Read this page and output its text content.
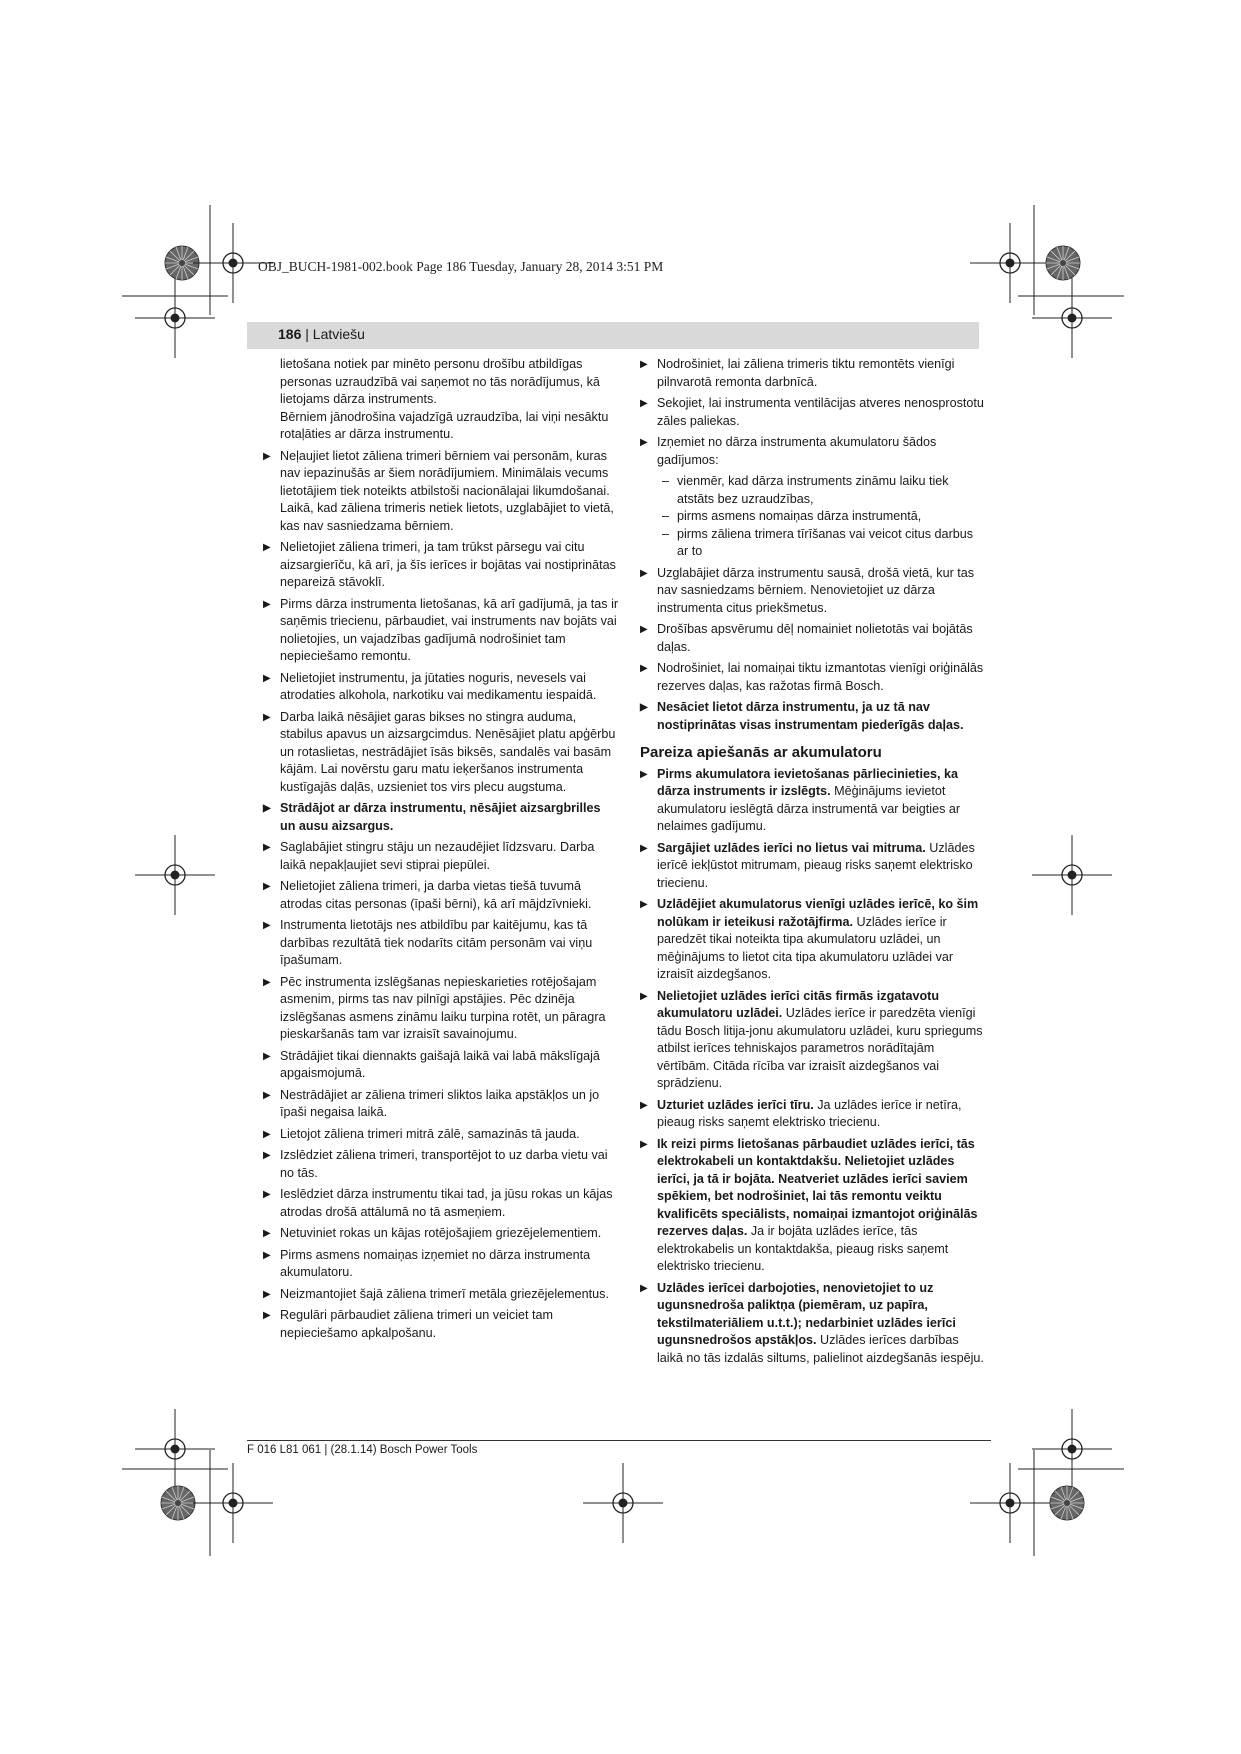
OBJ_BUCH-1981-002.book Page 186 Tuesday, January 28, 2014 3:51 PM
186 | Latviešu
lietošana notiek par minēto personu drošību atbildīgas
personas uzraudzībā vai saņemot no tās norādījumus, kā
lietojams dārza instruments.
Bērniem jānodrošina vajadzīgā uzraudzība, lai viņi nesāktu
rotaļāties ar dārza instrumentu.
▶ Neļaujiet lietot zāliena trimeri bērniem vai personām, kuras nav iepazinušās ar šiem norādījumiem. Minimālais vecums lietotājiem tiek noteikts atbilstoši nacionālajai likumdošanai. Laikā, kad zāliena trimeris netiek lietots, uzglabājiet to vietā, kas nav sasniedzama bērniem.
▶ Nelietojiet zāliena trimeri, ja tam trūkst pārsegu vai citu aizsargierīču, kā arī, ja šīs ierīces ir bojātas vai nostiprinātas nepareizā stāvoklī.
▶ Pirms dārza instrumenta lietošanas, kā arī gadījumā, ja tas ir saņēmis triecienu, pārbaudiet, vai instruments nav bojāts vai nolietojies, un vajadzības gadījumā nodrošiniet tam nepieciešamo remontu.
▶ Nelietojiet instrumentu, ja jūtaties noguris, nevesels vai atrodaties alkohola, narkotiku vai medikamentu iespaidā.
▶ Darba laikā nēsājiet garas bikses no stingra auduma, stabilus apavus un aizsargcimdus. Nenēsājiet platu apģērbu un rotaslietas, nestrādājiet īsās biksēs, sandalēs vai basām kājām. Lai novērstu garu matu ieķeršanos instrumenta kustīgajās daļās, uzsieniet tos virs plecu augstuma.
▶ Strādājot ar dārza instrumentu, nēsājiet aizsargbrilles un ausu aizsargus.
▶ Saglabājiet stingru stāju un nezaudējiet līdzsvaru. Darba laikā nepakļaujiet sevi stiprai piepūlei.
▶ Nelietojiet zāliena trimeri, ja darba vietas tiešā tuvumā atrodas citas personas (īpaši bērni), kā arī mājdzīvnieki.
▶ Instrumenta lietotājs nes atbildību par kaitējumu, kas tā darbības rezultātā tiek nodarīts citām personām vai viņu īpašumam.
▶ Pēc instrumenta izslēgšanas nepieskarieties rotējošajam asmenim, pirms tas nav pilnīgi apstājies. Pēc dzinēja izslēgšanas asmens zināmu laiku turpina rotēt, un pāragra pieskaršanās tam var izraisīt savainojumu.
▶ Strādājiet tikai diennakts gaišajā laikā vai labā mākslīgajā apgaismojumā.
▶ Nestrādājiet ar zāliena trimeri sliktos laika apstākļos un jo īpaši negaisa laikā.
▶ Lietojot zāliena trimeri mitrā zālē, samazinās tā jauda.
▶ Izslēdziet zāliena trimeri, transportējot to uz darba vietu vai no tās.
▶ Ieslēdziet dārza instrumentu tikai tad, ja jūsu rokas un kājas atrodas drošā attālumā no tā asmeņiem.
▶ Netuviniet rokas un kājas rotējošajiem griezējelementiem.
▶ Pirms asmens nomaiņas izņemiet no dārza instrumenta akumulatoru.
▶ Neizmantojiet šajā zāliena trimerī metāla griezējelementus.
▶ Regulāri pārbaudiet zāliena trimeri un veiciet tam nepieciešamo apkalpošanu.
▶ Nodrošiniet, lai zāliena trimeris tiktu remontēts vienīgi pilnvarotā remonta darbnīcā.
▶ Sekojiet, lai instrumenta ventilācijas atveres nenosprostotu zāles paliekas.
▶ Izņemiet no dārza instrumenta akumulatoru šādos gadījumos:
– vienmēr, kad dārza instruments zināmu laiku tiek atstāts bez uzraudzības,
– pirms asmens nomaiņas dārza instrumentā,
– pirms zāliena trimera tīrīšanas vai veicot citus darbus ar to
▶ Uzglabājiet dārza instrumentu sausā, drošā vietā, kur tas nav sasniedzams bērniem. Nenovietojiet uz dārza instrumenta citus priekšmetus.
▶ Drošības apsvērumu dēļ nomainiet nolietotās vai bojātās daļas.
▶ Nodrošiniet, lai nomaiņai tiktu izmantotas vienīgi oriģinālās rezerves daļas, kas ražotas firmā Bosch.
▶ Nesāciet lietot dārza instrumentu, ja uz tā nav nostiprinātas visas instrumentam piederīgās daļas.
Pareiza apiešanās ar akumulatoru
▶ Pirms akumulatora ievietošanas pārliecinieties, ka dārza instruments ir izslēgts. Mēģinājums ievietot akumulatoru ieslēgtā dārza instrumentā var beigties ar nelaimes gadījumu.
▶ Sargājiet uzlādes ierīci no lietus vai mitruma. Uzlādes ierīcē iekļūstot mitrumam, pieaug risks saņemt elektrisko triecienu.
▶ Uzlādējiet akumulatorus vienīgi uzlādes ierīcē, ko šim nolūkam ir ieteikusi ražotājfirma. Uzlādes ierīce ir paredzēt tikai noteikta tipa akumulatoru uzlādei, un mēģinājums to lietot cita tipa akumulatoru uzlādei var izraisīt aizdegšanos.
▶ Nelietojiet uzlādes ierīci citās firmās izgatavotu akumulatoru uzlādei. Uzlādes ierīce ir paredzēta vienīgi tādu Bosch litija-jonu akumulatoru uzlādei, kuru spriegums atbilst ierīces tehniskajos parametros norādītajām vērtībām. Citāda rīcība var izraisīt aizdegšanos vai sprādzienu.
▶ Uzturiet uzlādes ierīci tīru. Ja uzlādes ierīce ir netīra, pieaug risks saņemt elektrisko triecienu.
▶ Ik reizi pirms lietošanas pārbaudiet uzlādes ierīci, tās elektrokabeli un kontaktdakšu. Nelietojiet uzlādes ierīci, ja tā ir bojāta. Neatveriet uzlādes ierīci saviem spēkiem, bet nodrošiniet, lai tās remontu veiktu kvalificēts speciālists, nomaiņai izmantojot oriģinālās rezerves daļas. Ja ir bojāta uzlādes ierīce, tās elektrokabelis un kontaktdakša, pieaug risks saņemt elektrisko triecienu.
▶ Uzlādes ierīcei darbojoties, nenovietojiet to uz ugunsnedroša paliktņa (piemēram, uz papīra, tekstilmateriāliem u.t.t.); nedarbiniet uzlādes ierīci ugunsnedrošos apstākļos. Uzlādes ierīces darbības laikā no tās izdalās siltums, palielinot aizdegšanās iespēju.
F 016 L81 061 | (28.1.14) Bosch Power Tools
